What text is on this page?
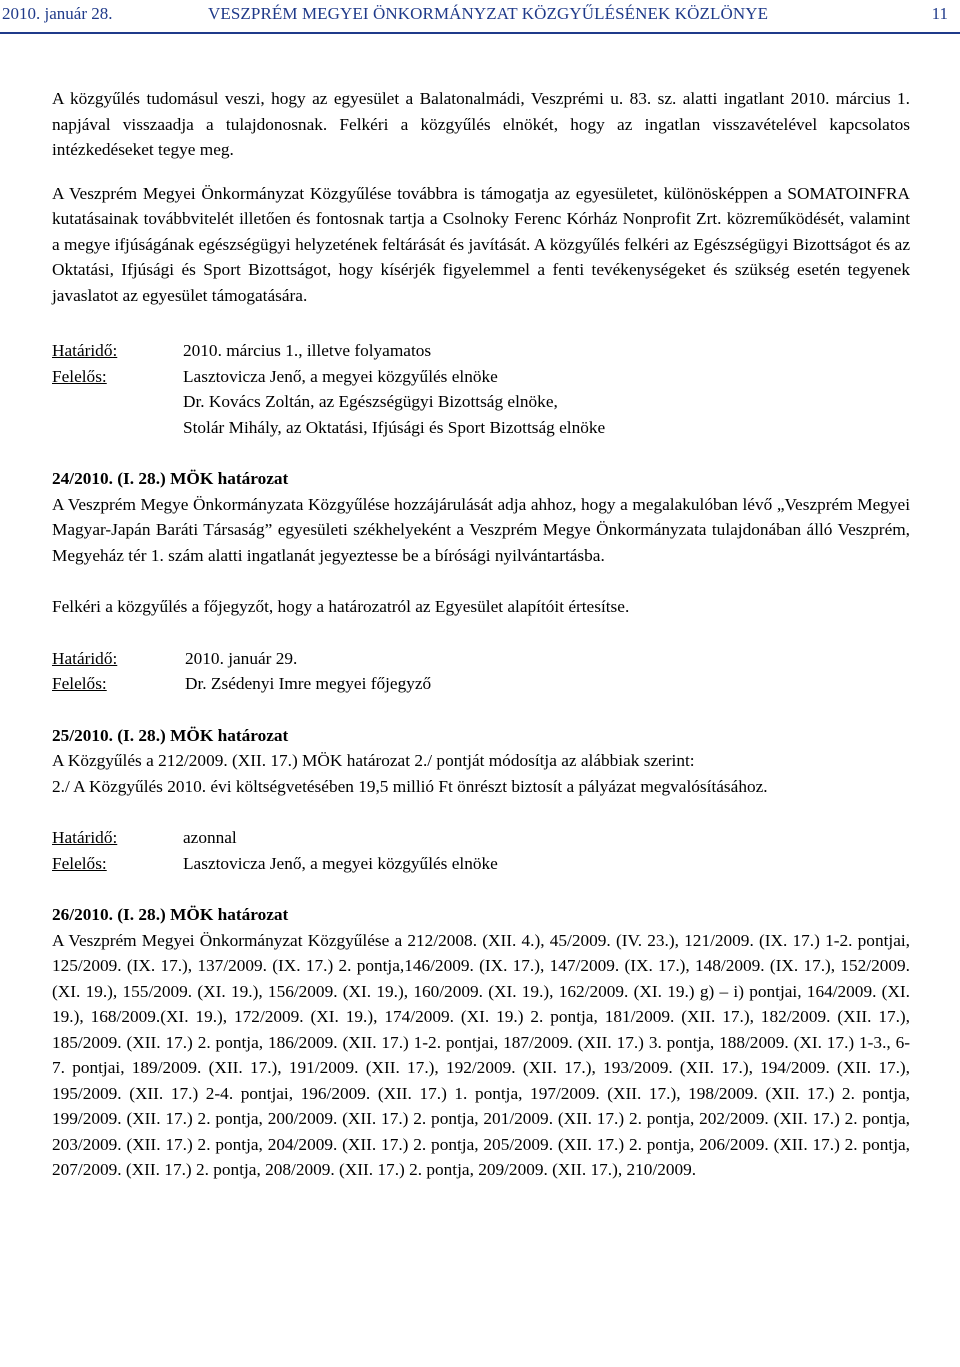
2010. január 28.	VESZPRÉM MEGYEI ÖNKORMÁNYZAT KÖZGYŰLÉSÉNEK KÖZLÖNYE	11

A közgyűlés tudomásul veszi, hogy az egyesület a Balatonalmádi, Veszprémi u. 83. sz. alatti ingatlant 2010. március 1. napjával visszaadja a tulajdonosnak. Felkéri a közgyűlés elnökét, hogy az ingatlan visszavételével kapcsolatos intézkedéseket tegye meg.

A Veszprém Megyei Önkormányzat Közgyűlése továbbra is támogatja az egyesületet, különösképpen a SOMATOINFRA kutatásainak továbbvitelét illetően és fontosnak tartja a Csolnoky Ferenc Kórház Nonprofit Zrt. közreműködését, valamint a megye ifjúságának egészségügyi helyzetének feltárását és javítását. A közgyűlés felkéri az Egészségügyi Bizottságot és az Oktatási, Ifjúsági és Sport Bizottságot, hogy kísérjék figyelemmel a fenti tevékenységeket és szükség esetén tegyenek javaslatot az egyesület támogatására.

Határidő:	2010. március 1., illetve folyamatos
Felelős:	Lasztovicza Jenő, a megyei közgyűlés elnöke
Dr. Kovács Zoltán, az Egészségügyi Bizottság elnöke,
Stolár Mihály, az Oktatási, Ifjúsági és Sport Bizottság elnöke

24/2010. (I. 28.) MÖK határozat

A Veszprém Megye Önkormányzata Közgyűlése hozzájárulását adja ahhoz, hogy a megalakulóban lévő „Veszprém Megyei Magyar-Japán Baráti Társaság” egyesületi székhelyeként a Veszprém Megye Önkormányzata tulajdonában álló Veszprém, Megyeház tér 1. szám alatti ingatlanát jegyeztesse be a bírósági nyilvántartásba.

Felkéri a közgyűlés a főjegyzőt, hogy a határozatról az Egyesület alapítóit értesítse.

Határidő:	2010. január 29.
Felelős:	Dr. Zsédenyi Imre megyei főjegyző

25/2010. (I. 28.) MÖK határozat

A Közgyűlés a 212/2009. (XII. 17.) MÖK határozat 2./ pontját módosítja az alábbiak szerint:

2./ A Közgyűlés 2010. évi költségvetésében 19,5 millió Ft önrészt biztosít a pályázat megvalósításához.

Határidő:	azonnal
Felelős:	Lasztovicza Jenő, a megyei közgyűlés elnöke

26/2010. (I. 28.) MÖK határozat

A Veszprém Megyei Önkormányzat Közgyűlése a 212/2008. (XII. 4.), 45/2009. (IV. 23.), 121/2009. (IX. 17.) 1-2. pontjai, 125/2009. (IX. 17.), 137/2009. (IX. 17.) 2. pontja,146/2009. (IX. 17.), 147/2009. (IX. 17.), 148/2009. (IX. 17.), 152/2009. (XI. 19.), 155/2009. (XI. 19.), 156/2009. (XI. 19.), 160/2009. (XI. 19.), 162/2009. (XI. 19.) g) – i) pontjai, 164/2009. (XI. 19.), 168/2009.(XI. 19.), 172/2009. (XI. 19.), 174/2009. (XI. 19.) 2. pontja, 181/2009. (XII. 17.), 182/2009. (XII. 17.), 185/2009. (XII. 17.) 2. pontja, 186/2009. (XII. 17.) 1-2. pontjai, 187/2009. (XII. 17.) 3. pontja, 188/2009. (XI. 17.) 1-3., 6-7. pontjai, 189/2009. (XII. 17.), 191/2009. (XII. 17.), 192/2009. (XII. 17.), 193/2009. (XII. 17.), 194/2009. (XII. 17.), 195/2009. (XII. 17.) 2-4. pontjai, 196/2009. (XII. 17.) 1. pontja, 197/2009. (XII. 17.), 198/2009. (XII. 17.) 2. pontja, 199/2009. (XII. 17.) 2. pontja, 200/2009. (XII. 17.) 2. pontja, 201/2009. (XII. 17.) 2. pontja, 202/2009. (XII. 17.) 2. pontja, 203/2009. (XII. 17.) 2. pontja, 204/2009. (XII. 17.) 2. pontja, 205/2009. (XII. 17.) 2. pontja, 206/2009. (XII. 17.) 2. pontja, 207/2009. (XII. 17.) 2. pontja, 208/2009. (XII. 17.) 2. pontja, 209/2009. (XII. 17.), 210/2009.
